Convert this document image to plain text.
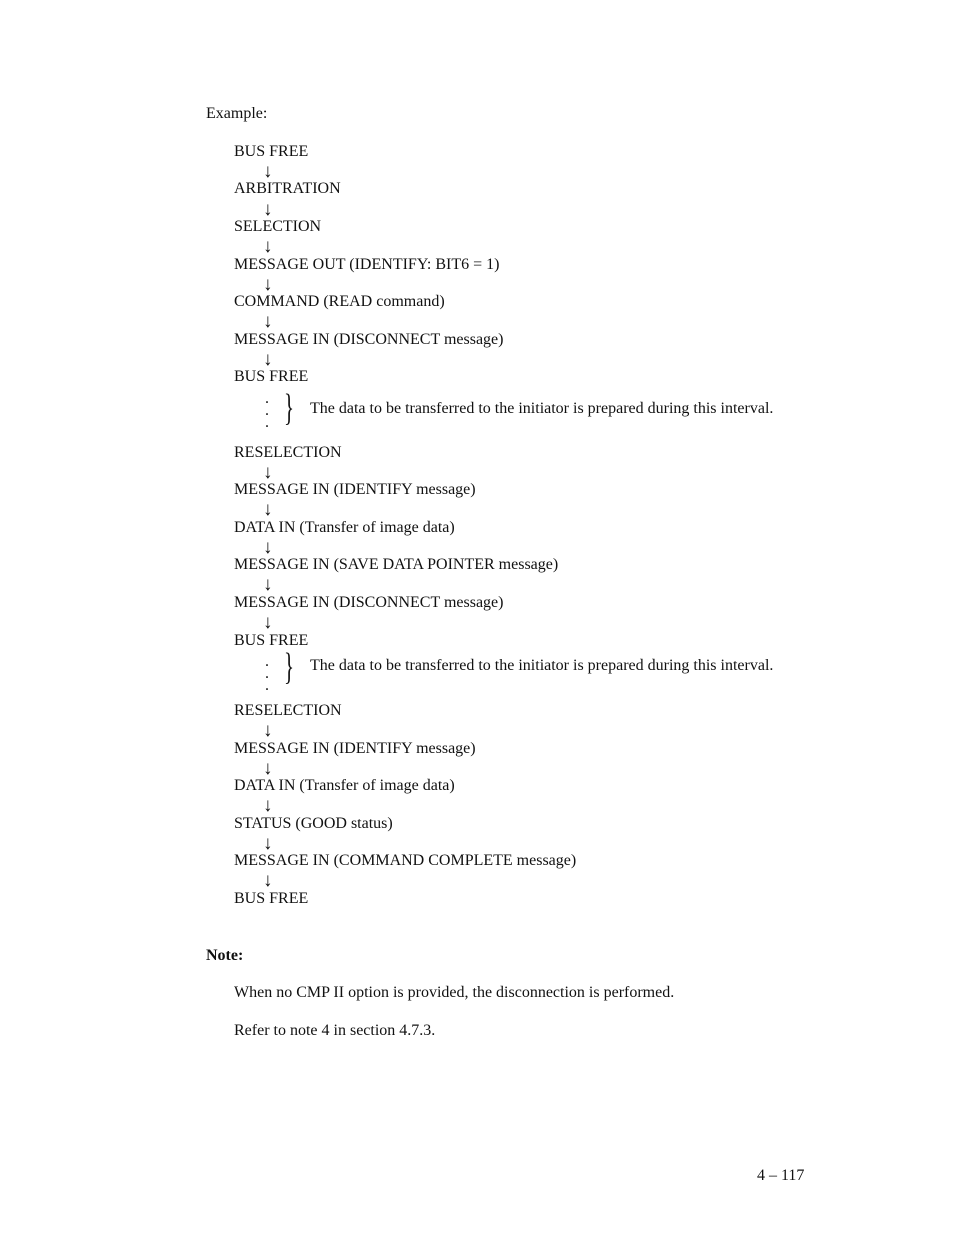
Example:
BUS FREE
↓
ARBITRATION
↓
SELECTION
↓
MESSAGE OUT (IDENTIFY: BIT6 = 1)
↓
COMMAND (READ command)
↓
MESSAGE IN (DISCONNECT message)
↓
BUS FREE
. . . } The data to be transferred to the initiator is prepared during this interval.
RESELECTION
↓
MESSAGE IN (IDENTIFY message)
↓
DATA IN (Transfer of image data)
↓
MESSAGE IN (SAVE DATA POINTER message)
↓
MESSAGE IN (DISCONNECT message)
↓
BUS FREE
. . . } The data to be transferred to the initiator is prepared during this interval.
RESELECTION
↓
MESSAGE IN (IDENTIFY message)
↓
DATA IN (Transfer of image data)
↓
STATUS (GOOD status)
↓
MESSAGE IN (COMMAND COMPLETE message)
↓
BUS FREE
Note:
When no CMP II option is provided, the disconnection is performed.
Refer to note 4 in section 4.7.3.
4 – 117
